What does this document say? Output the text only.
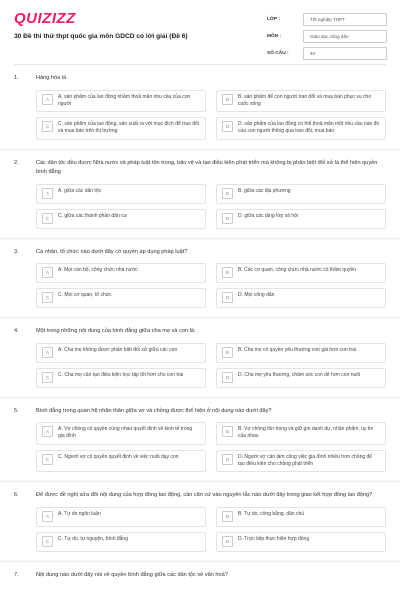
QUIZIZZ
30 Đề thi thử thpt quốc gia môn GDCD có lời giải (Đề 6)
LỚP :	Tốt nghiệp THPT
MÔN :	Giáo dục công dân
SỐ CÂU :	40
1.	Hàng hóa là
A	A. sản phẩm của lao động nhằm thoả mãn nhu cầu của con người
B	B. sản phẩm để con người trao đổi và mua bán phục vụ cho cuộc sống
C	C. sản phẩm của lao động, sản xuất ra với mục đích để trao đổi và mua bán trên thị trường
D	D. sản phẩm của lao động có thể thoả mãn một nhu cầu nào đó của con người thông qua trao đổi, mua bán
2.	Các dân tộc đều được Nhà nước và pháp luật tôn trọng, bảo vệ và tạo điều kiện phát triển mà không bị phân biệt đối xử là thể hiện quyền bình đẳng
A	A. giữa các dân tộc	B	B. giữa các địa phương
C	C. giữa các thành phần dân cư	D	D. giữa các tầng lớp xã hội
3.	Cá nhân, tổ chức nào dưới đây có quyền áp dụng pháp luật?
A	A. Mọi cán bộ, công chức nhà nước	B	B. Các cơ quan, công chức nhà nước có thẩm quyền
C	C. Mọi cơ quan, tổ chức	D	D. Mọi công dân
4.	Một trong những nội dung của bình đẳng giữa cha mẹ và con là:
A	A. Cha mẹ không được phân biệt đối xử giữa các con	B	B. Cha mẹ có quyền yêu thương con gái hơn con trai
C	C. Cha mẹ cần tạo điều kiện học tập tốt hơn cho con trai	D	D. Cha mẹ yêu thương, chăm sóc con đẻ hơn con nuôi
5.	Bình đẳng trong quan hệ nhân thân giữa vợ và chồng được thể hiện ở nội dung nào dưới đây?
A	A. Vợ chồng có quyền cùng nhau quyết định về kinh tế trong gia đình
B	B. Vợ chồng tôn trọng và giữ gìn danh dự, nhân phẩm, uy tín của nhau
C	C. Người vợ có quyền quyết định về việc nuôi dạy con	D	D. Người vợ cần làm công việc gia đình nhiều hơn chồng để tạo điều kiện cho chồng phát triển
6.	Để được đề nghị sửa đổi nội dung của hợp đồng lao động, cần căn cứ vào nguyên tắc nào dưới đây trong giao kết hợp đồng lao động?
A	A. Tự do ngôn luận	B	B. Tự do, công bằng, dân chủ
C	C. Tự do, tự nguyện, bình đẳng	D	D. Trực tiếp thực hiện hợp đồng
7.	Nội dung nào dưới đây nói về quyền bình đẳng giữa các dân tộc về văn hoá?
